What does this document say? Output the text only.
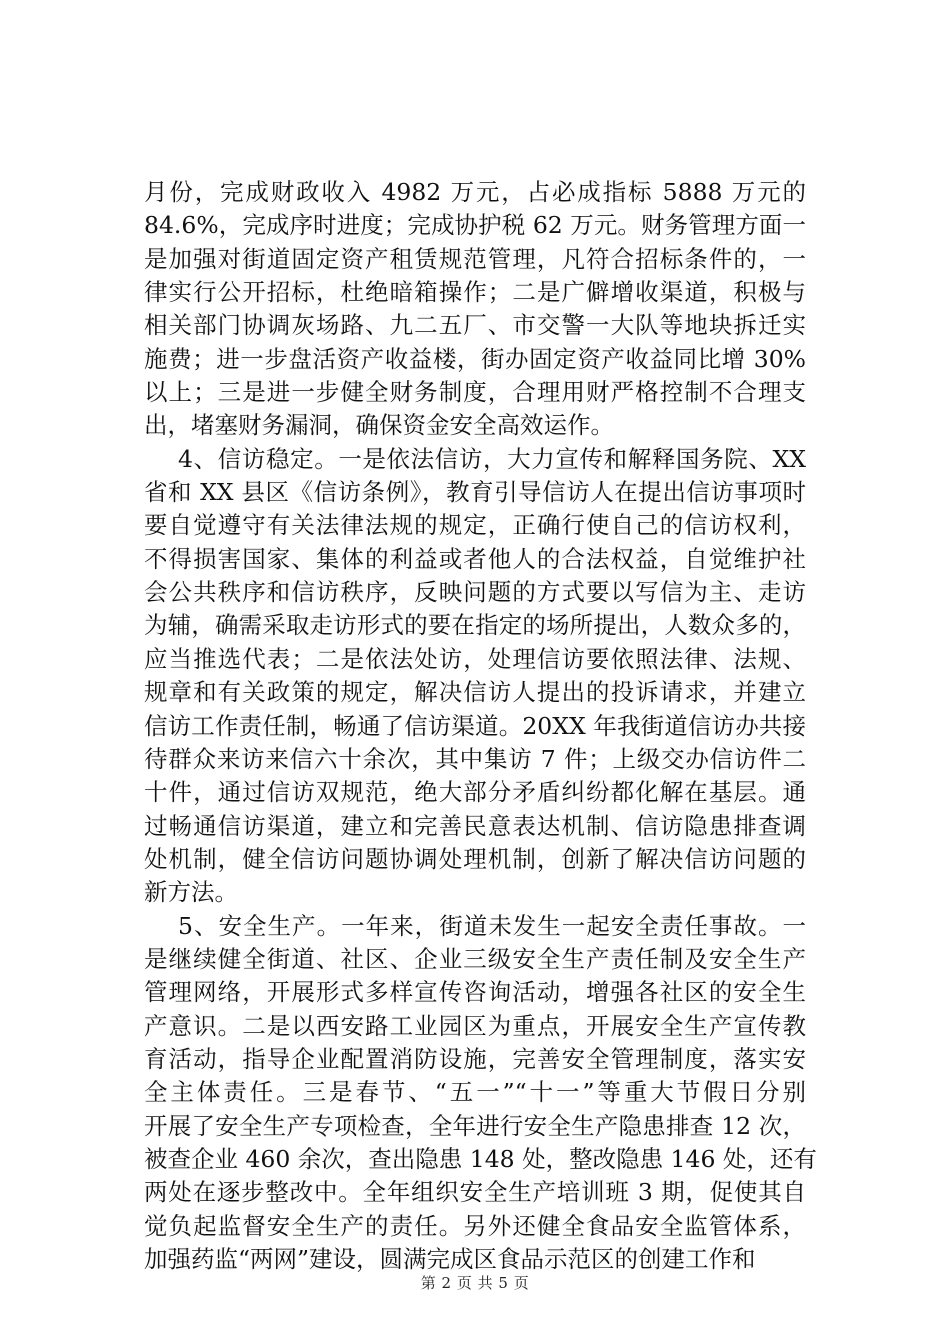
月份，完成财政收入 4982 万元，占必成指标 5888 万元的
84.6%，完成序时进度；完成协护税 62 万元。财务管理方面一
是加强对街道固定资产租赁规范管理，凡符合招标条件的，一
律实行公开招标，杜绝暗箱操作；二是广僻增收渠道，积极与
相关部门协调灰场路、九二五厂、市交警一大队等地块拆迁实
施费；进一步盘活资产收益楼，街办固定资产收益同比增 30%
以上；三是进一步健全财务制度，合理用财严格控制不合理支
出，堵塞财务漏洞，确保资金安全高效运作。
4、信访稳定。一是依法信访，大力宣传和解释国务院、XX
省和 XX 县区《信访条例》，教育引导信访人在提出信访事项时
要自觉遵守有关法律法规的规定，正确行使自己的信访权利，
不得损害国家、集体的利益或者他人的合法权益，自觉维护社
会公共秩序和信访秩序，反映问题的方式要以写信为主、走访
为辅，确需采取走访形式的要在指定的场所提出，人数众多的，
应当推选代表；二是依法处访，处理信访要依照法律、法规、
规章和有关政策的规定，解决信访人提出的投诉请求，并建立
信访工作责任制，畅通了信访渠道。20XX 年我街道信访办共接
待群众来访来信六十余次，其中集访 7 件；上级交办信访件二
十件，通过信访双规范，绝大部分矛盾纠纷都化解在基层。通
过畅通信访渠道，建立和完善民意表达机制、信访隐患排查调
处机制，健全信访问题协调处理机制，创新了解决信访问题的
新方法。
5、安全生产。一年来，街道未发生一起安全责任事故。一
是继续健全街道、社区、企业三级安全生产责任制及安全生产
管理网络，开展形式多样宣传咨询活动，增强各社区的安全生
产意识。二是以西安路工业园区为重点，开展安全生产宣传教
育活动，指导企业配置消防设施，完善安全管理制度，落实安
全主体责任。三是春节、“五一”“十一”等重大节假日分别
开展了安全生产专项检查，全年进行安全生产隐患排查 12 次，
被查企业 460 余次，查出隐患 148 处，整改隐患 146 处，还有
两处在逐步整改中。全年组织安全生产培训班 3 期，促使其自
觉负起监督安全生产的责任。另外还健全食品安全监管体系，
加强药监“两网”建设，圆满完成区食品示范区的创建工作和
第 2 页 共 5 页
